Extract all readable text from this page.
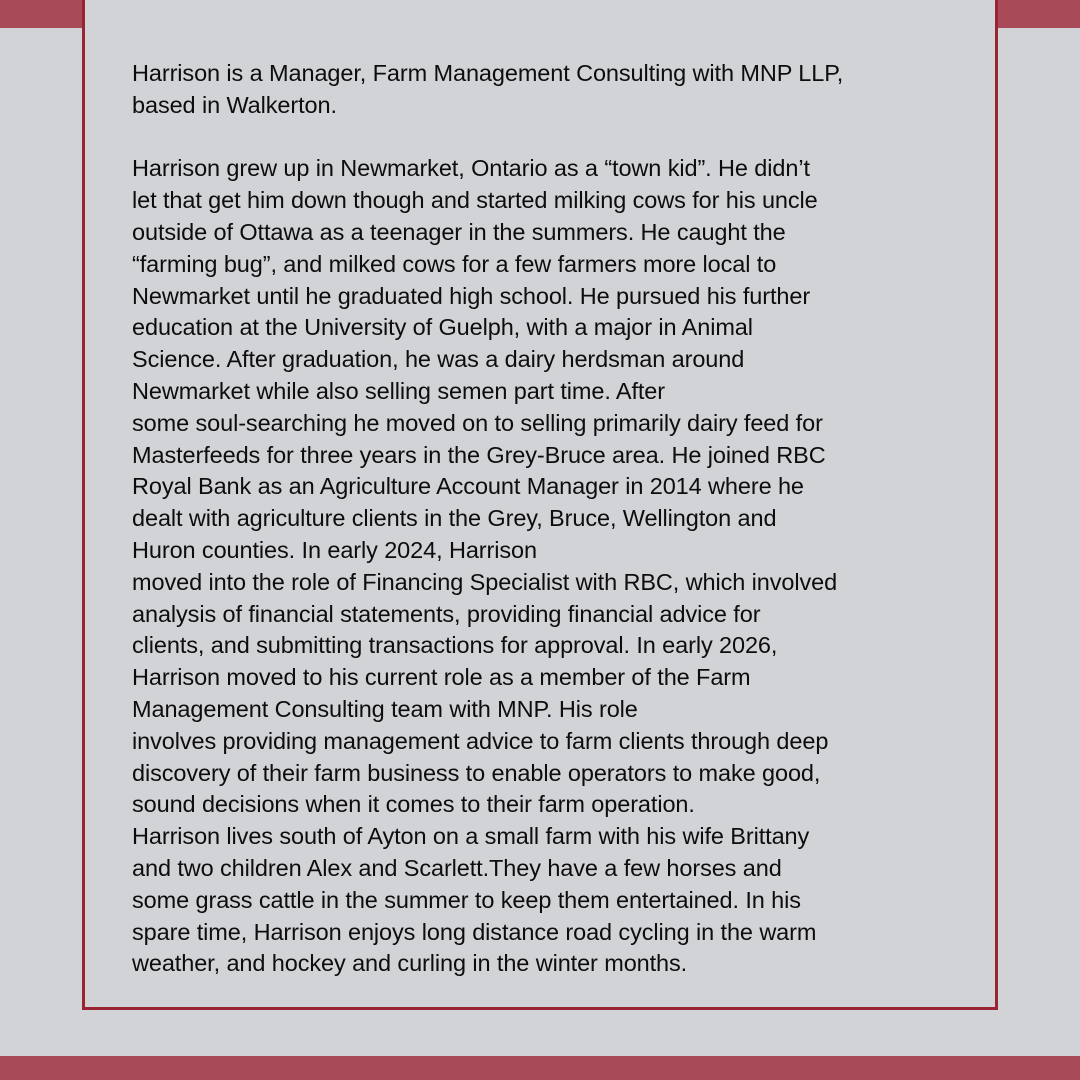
Harrison is a Manager, Farm Management Consulting with MNP LLP,
based in Walkerton.

Harrison grew up in Newmarket, Ontario as a “town kid”. He didn’t
let that get him down though and started milking cows for his uncle
outside of Ottawa as a teenager in the summers. He caught the
“farming bug”, and milked cows for a few farmers more local to
Newmarket until he graduated high school. He pursued his further
education at the University of Guelph, with a major in Animal
Science. After graduation, he was a dairy herdsman around
Newmarket while also selling semen part time. After
some soul-searching he moved on to selling primarily dairy feed for
Masterfeeds for three years in the Grey-Bruce area. He joined RBC
Royal Bank as an Agriculture Account Manager in 2014 where he
dealt with agriculture clients in the Grey, Bruce, Wellington and
Huron counties. In early 2024, Harrison
moved into the role of Financing Specialist with RBC, which involved
analysis of financial statements, providing financial advice for
clients, and submitting transactions for approval. In early 2026,
Harrison moved to his current role as a member of the Farm
Management Consulting team with MNP. His role
involves providing management advice to farm clients through deep
discovery of their farm business to enable operators to make good,
sound decisions when it comes to their farm operation.
Harrison lives south of Ayton on a small farm with his wife Brittany
and two children Alex and Scarlett.They have a few horses and
some grass cattle in the summer to keep them entertained. In his
spare time, Harrison enjoys long distance road cycling in the warm
weather, and hockey and curling in the winter months.
